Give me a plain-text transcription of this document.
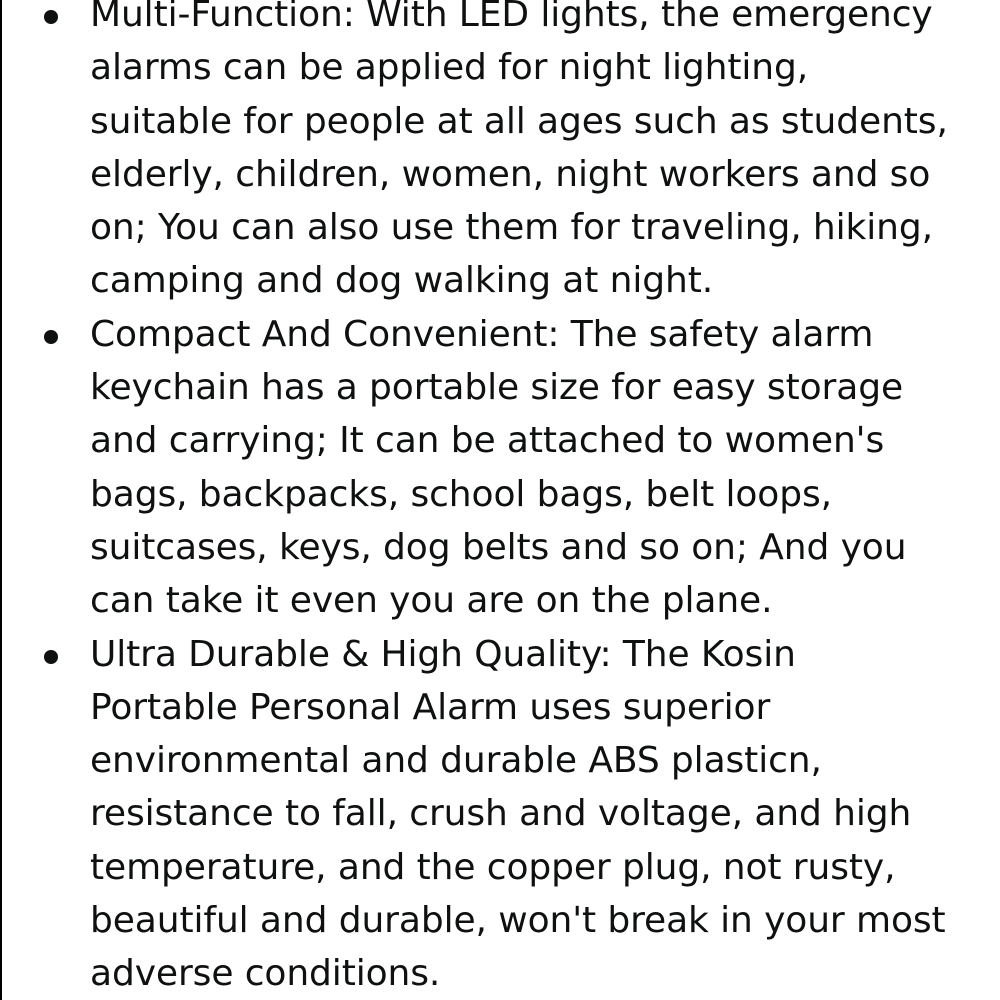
Multi-Function: With LED lights, the emergency
alarms can be applied for night lighting,
suitable for people at all ages such as students,
elderly, children, women, night workers and so
on; You can also use them for traveling, hiking,
camping and dog walking at night.
Compact And Convenient: The safety alarm
keychain has a portable size for easy storage
and carrying; It can be attached to women's
bags, backpacks, school bags, belt loops,
suitcases, keys, dog belts and so on; And you
can take it even you are on the plane.
Ultra Durable & High Quality: The Kosin
Portable Personal Alarm uses superior
environmental and durable ABS plasticn,
resistance to fall, crush and voltage, and high
temperature, and the copper plug, not rusty,
beautiful and durable, won't break in your most
adverse conditions.
